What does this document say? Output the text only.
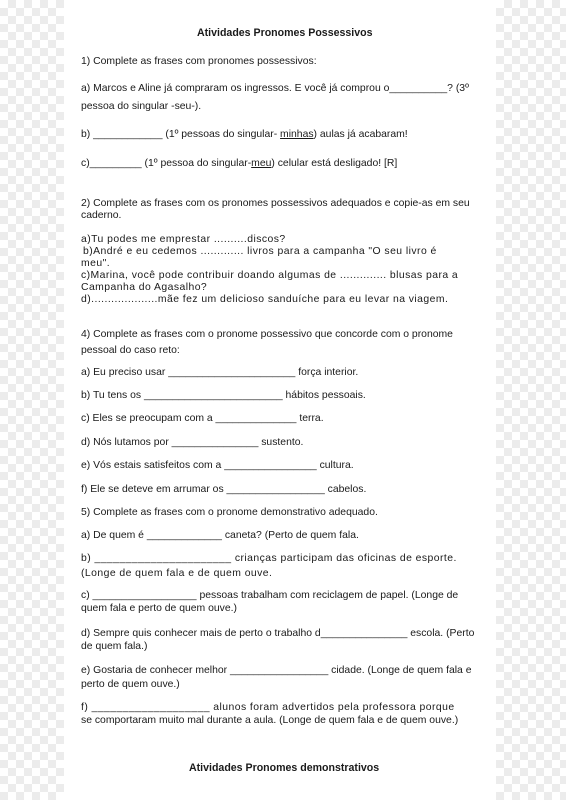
Atividades Pronomes Possessivos
1) Complete as frases com pronomes possessivos:
a) Marcos e Aline já compraram os ingressos. E você já comprou o__________? (3º
pessoa do singular -seu-).
b) ____________ (1º pessoas do singular- minhas) aulas já acabaram!
c)_________ (1º pessoa do singular-meu) celular está desligado! [R]
2) Complete as frases com os pronomes possessivos adequados e copie-as em seu
caderno.
a)Tu podes me emprestar ..........discos?
b)André e eu cedemos ............. livros para a campanha "O seu livro é
meu".
c)Marina, você pode contribuir doando algumas de .............. blusas para a
Campanha do Agasalho?
d)....................mãe fez um delicioso sanduíche para eu levar na viagem.
4) Complete as frases com o pronome possessivo que concorde com o pronome
pessoal do caso reto:
a) Eu preciso usar ______________________ força interior.
b) Tu tens os ________________________ hábitos pessoais.
c) Eles se preocupam com a ______________ terra.
d) Nós lutamos por _______________ sustento.
e) Vós estais satisfeitos com a ________________ cultura.
f) Ele se deteve em arrumar os _________________ cabelos.
5) Complete as frases com o pronome demonstrativo adequado.
a) De quem é _____________ caneta? (Perto de quem fala.
b) ______________________ crianças participam das oficinas de esporte.
(Longe de quem fala e de quem ouve.
c) __________________ pessoas trabalham com reciclagem de papel. (Longe de
quem fala e perto de quem ouve.)
d) Sempre quis conhecer mais de perto o trabalho d_______________ escola. (Perto
de quem fala.)
e) Gostaria de conhecer melhor _________________ cidade. (Longe de quem fala e
perto de quem ouve.)
f) ___________________ alunos foram advertidos pela professora porque
se comportaram muito mal durante a aula. (Longe de quem fala e de quem ouve.)
Atividades Pronomes demonstrativos
